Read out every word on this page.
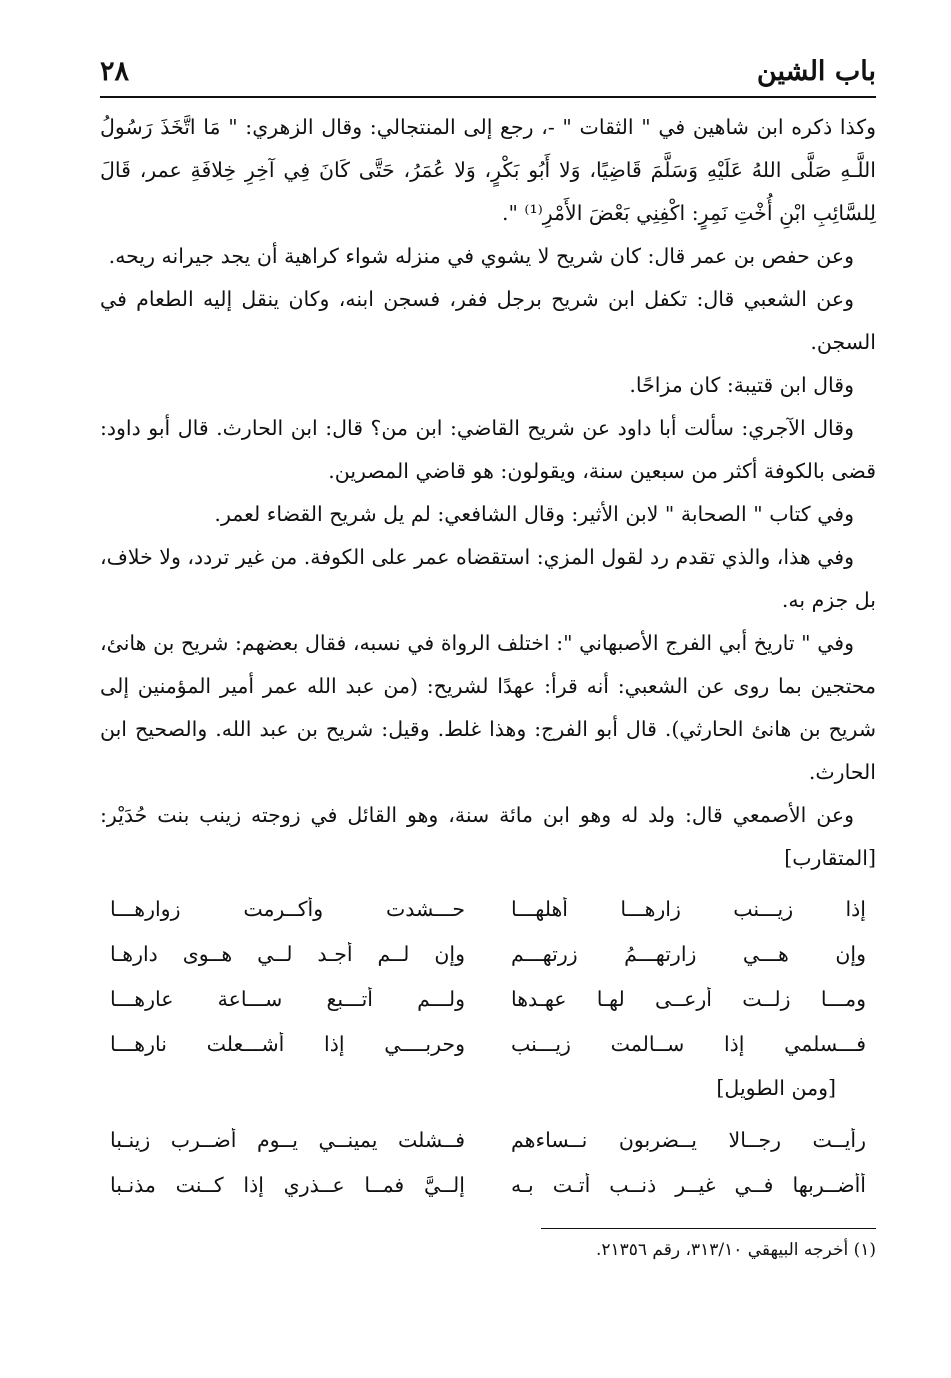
باب الشين
٢٨

وكذا ذكره ابن شاهين في " الثقات " -، رجع إلى المنتجالي: وقال الزهري: " مَا اتَّخَذَ رَسُولُ اللَّـهِ صَلَّى اللهُ عَلَيْهِ وَسَلَّمَ قَاضِيًا، وَلا أَبُو بَكْرٍ، وَلا عُمَرُ، حَتَّى كَانَ فِي آخِرِ خِلافَةِ عمر، قَالَ لِلسَّائِبِ ابْنِ أُخْتِ نَمِرٍ: اكْفِنِي بَعْضَ الأَمْرِ⁽¹⁾ ".

وعن حفص بن عمر قال: كان شريح لا يشوي في منزله شواء كراهية أن يجد جيرانه ريحه.

وعن الشعبي قال: تكفل ابن شريح برجل ففر، فسجن ابنه، وكان ينقل إليه الطعام في السجن.

وقال ابن قتيبة: كان مزاحًا.

وقال الآجري: سألت أبا داود عن شريح القاضي: ابن من؟ قال: ابن الحارث. قال أبو داود: قضى بالكوفة أكثر من سبعين سنة، ويقولون: هو قاضي المصرين.

وفي كتاب " الصحابة " لابن الأثير: وقال الشافعي: لم يل شريح القضاء لعمر.

وفي هذا، والذي تقدم رد لقول المزي: استقضاه عمر على الكوفة. من غير تردد، ولا خلاف، بل جزم به.

وفي " تاريخ أبي الفرج الأصبهاني ": اختلف الرواة في نسبه، فقال بعضهم: شريح بن هانئ، محتجين بما روى عن الشعبي: أنه قرأ: عهدًا لشريح: (من عبد الله عمر أمير المؤمنين إلى شريح بن هانئ الحارثي). قال أبو الفرج: وهذا غلط. وقيل: شريح بن عبد الله. والصحيح ابن الحارث.

وعن الأصمعي قال: ولد له وهو ابن مائة سنة، وهو القائل في زوجته زينب بنت حُدَيْر: [المتقارب]

إذا زيـــنب زارهـــا أهلهـــا
حـــشدت وأكــرمت زوارهـــا
وإن هـــي زارتهـــمُ زرتهـــم
وإن لــم أجـد لــي هــوى دارهـا
ومـــا زلــت أرعــى لهـا عهـدها
ولـــم أتـــبع ســـاعة عارهـــا
فـــسلمي إذا ســالمت زيـــنب
وحربــــي إذا أشـــعلت نارهـــا
[ومن الطويل]
رأيــت رجــالا يــضربون نــساءهم
فــشلت يمينــي يــوم أضــرب زينـبا
أأضــربها فــي غيــر ذنــب أتـت بـه
إلــيَّ فمــا عــذري إذا كــنت مذنـبا
(١) أخرجه البيهقي ٣١٣/١٠، رقم ٢١٣٥٦.
